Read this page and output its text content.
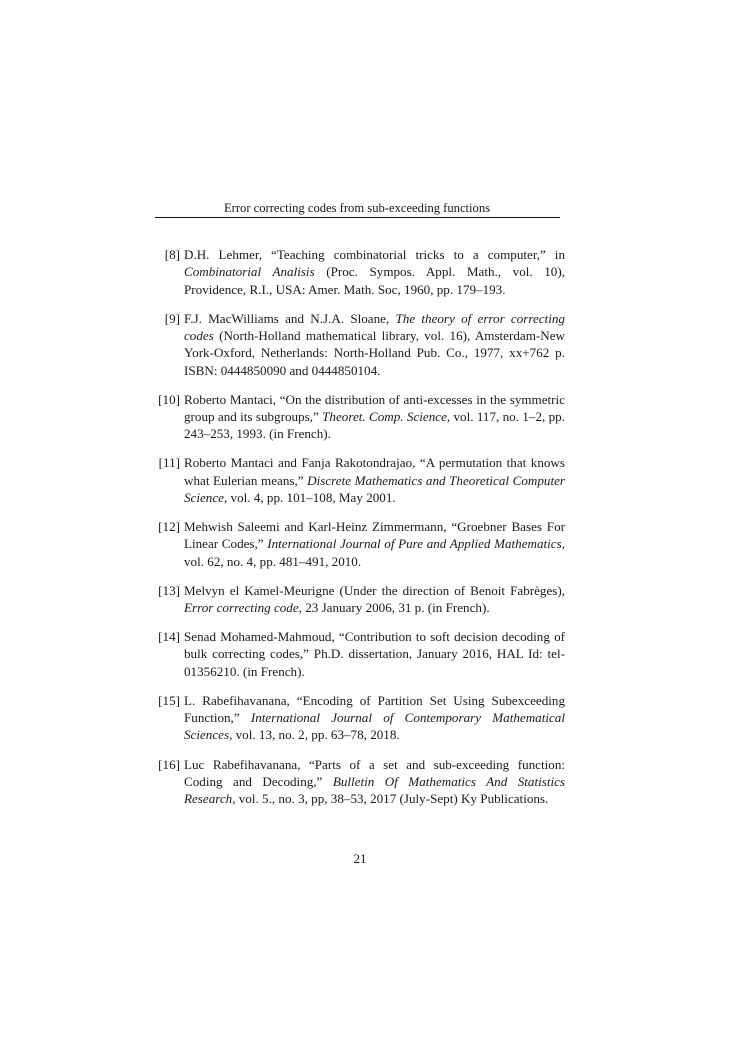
Error correcting codes from sub-exceeding functions
[8] D.H. Lehmer, “Teaching combinatorial tricks to a computer,” in Combinatorial Analisis (Proc. Sympos. Appl. Math., vol. 10), Providence, R.I., USA: Amer. Math. Soc, 1960, pp. 179–193.
[9] F.J. MacWilliams and N.J.A. Sloane, The theory of error correcting codes (North-Holland mathematical library, vol. 16), Amsterdam-New York-Oxford, Netherlands: North-Holland Pub. Co., 1977, xx+762 p. ISBN: 0444850090 and 0444850104.
[10] Roberto Mantaci, “On the distribution of anti-excesses in the symmetric group and its subgroups,” Theoret. Comp. Science, vol. 117, no. 1–2, pp. 243–253, 1993. (in French).
[11] Roberto Mantaci and Fanja Rakotondrajao, “A permutation that knows what Eulerian means,” Discrete Mathematics and Theoretical Computer Science, vol. 4, pp. 101–108, May 2001.
[12] Mehwish Saleemi and Karl-Heinz Zimmermann, “Groebner Bases For Linear Codes,” International Journal of Pure and Applied Mathematics, vol. 62, no. 4, pp. 481–491, 2010.
[13] Melvyn el Kamel-Meurigne (Under the direction of Benoit Fabrèges), Error correcting code, 23 January 2006, 31 p. (in French).
[14] Senad Mohamed-Mahmoud, “Contribution to soft decision decoding of bulk correcting codes,” Ph.D. dissertation, January 2016, HAL Id: tel-01356210. (in French).
[15] L. Rabefihavanana, “Encoding of Partition Set Using Subexceeding Function,” International Journal of Contemporary Mathematical Sciences, vol. 13, no. 2, pp. 63–78, 2018.
[16] Luc Rabefihavanana, “Parts of a set and sub-exceeding function: Coding and Decoding,” Bulletin Of Mathematics And Statistics Research, vol. 5., no. 3, pp, 38–53, 2017 (July-Sept) Ky Publications.
21
